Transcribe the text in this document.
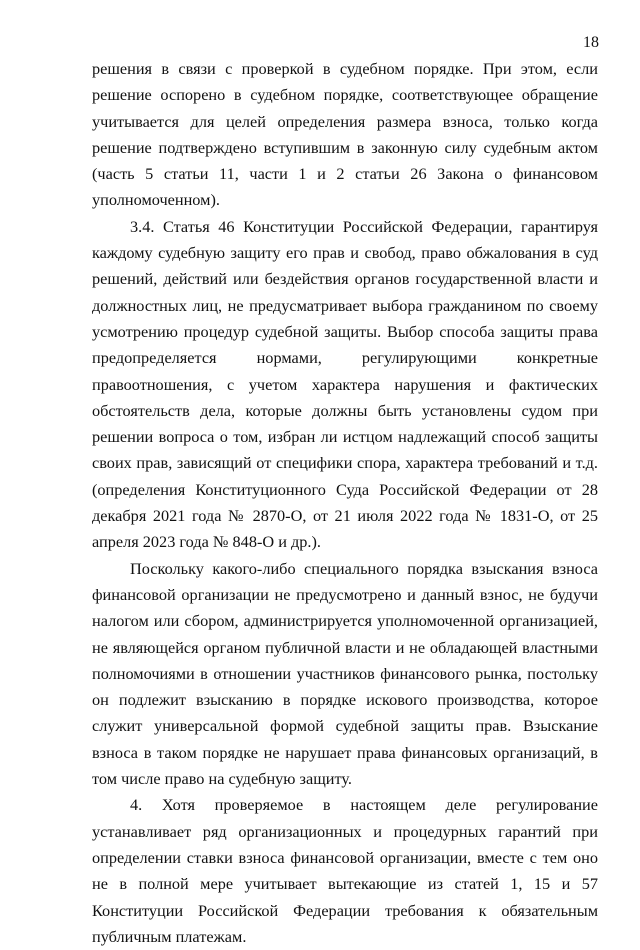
18

решения в связи с проверкой в судебном порядке. При этом, если решение оспорено в судебном порядке, соответствующее обращение учитывается для целей определения размера взноса, только когда решение подтверждено вступившим в законную силу судебным актом (часть 5 статьи 11, части 1 и 2 статьи 26 Закона о финансовом уполномоченном).

3.4. Статья 46 Конституции Российской Федерации, гарантируя каждому судебную защиту его прав и свобод, право обжалования в суд решений, действий или бездействия органов государственной власти и должностных лиц, не предусматривает выбора гражданином по своему усмотрению процедур судебной защиты. Выбор способа защиты права предопределяется нормами, регулирующими конкретные правоотношения, с учетом характера нарушения и фактических обстоятельств дела, которые должны быть установлены судом при решении вопроса о том, избран ли истцом надлежащий способ защиты своих прав, зависящий от специфики спора, характера требований и т.д. (определения Конституционного Суда Российской Федерации от 28 декабря 2021 года № 2870-О, от 21 июля 2022 года № 1831-О, от 25 апреля 2023 года № 848-О и др.).

Поскольку какого-либо специального порядка взыскания взноса финансовой организации не предусмотрено и данный взнос, не будучи налогом или сбором, администрируется уполномоченной организацией, не являющейся органом публичной власти и не обладающей властными полномочиями в отношении участников финансового рынка, постольку он подлежит взысканию в порядке искового производства, которое служит универсальной формой судебной защиты прав. Взыскание взноса в таком порядке не нарушает права финансовых организаций, в том числе право на судебную защиту.

4. Хотя проверяемое в настоящем деле регулирование устанавливает ряд организационных и процедурных гарантий при определении ставки взноса финансовой организации, вместе с тем оно не в полной мере учитывает вытекающие из статей 1, 15 и 57 Конституции Российской Федерации требования к обязательным публичным платежам.
